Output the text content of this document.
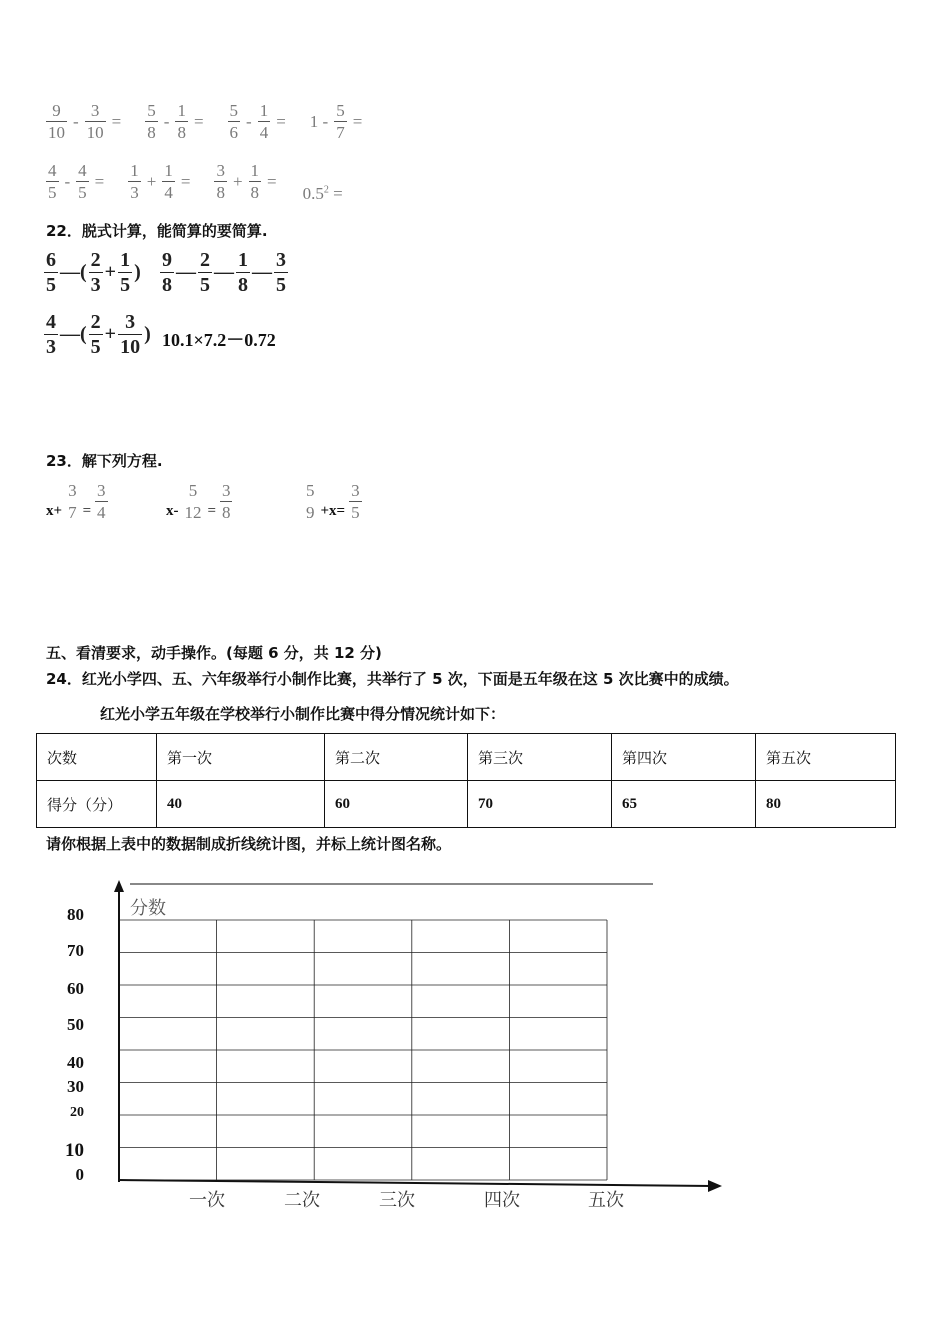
$\frac{9}{10} - \frac{3}{10} = \frac{5}{8} - \frac{1}{8} = \frac{5}{6} - \frac{1}{4} = 1 - \frac{5}{7}$ =
$\frac{4}{5} - \frac{4}{5} = \frac{1}{3} + \frac{1}{4} = \frac{3}{8} + \frac{1}{8}$ =
$0.5^2$ =
22．脱式计算，能简算的要简算.
$\frac{6}{5}$ —( $\frac{2}{3} + \frac{1}{5}$ ) $\frac{9}{8}$ — $\frac{2}{5}$ — $\frac{1}{8}$ — $\frac{3}{5}$
$\frac{4}{3}$ —( $\frac{2}{5} + \frac{3}{10}$ ) 10.1×7.2－0.72
23．解下列方程.
x+
3
$7 = \frac{3}{4}$	x-
5
$12 = \frac{3}{8}$	5
$9 +x= \frac{3}{5}$
五、看清要求，动手操作。(每题 6 分，共 12 分)
24．红光小学四、五、六年级举行小制作比赛，共举行了 5 次，下面是五年级在这 5 次比赛中的成绩。
红光小学五年级在学校举行小制作比赛中得分情况统计如下：
次数	第一次	第二次	第三次	第四次	第五次
得分（分）	40	60	70	65	80
请你根据上表中的数据制成折线统计图，并标上统计图名称。
分数
80
70
60
50
40
30
20
10
0
一次	二次	三次	四次	五次
